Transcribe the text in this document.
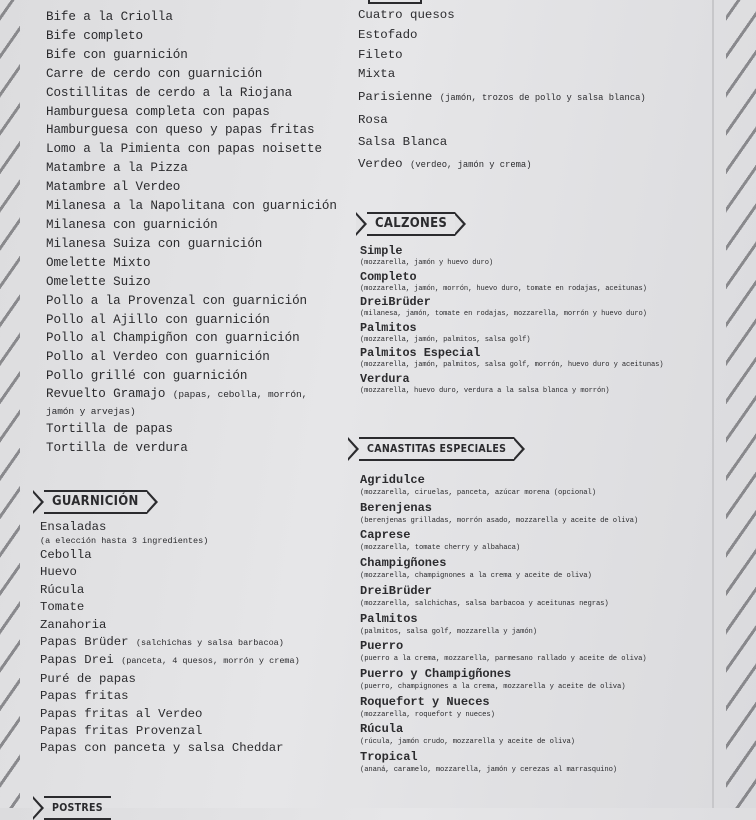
Bife a la Criolla
Bife completo
Bife con guarnición
Carre de cerdo con guarnición
Costillitas de cerdo a la Riojana
Hamburguesa completa con papas
Hamburguesa con queso y papas fritas
Lomo a la Pimienta con papas noisette
Matambre a la Pizza
Matambre al Verdeo
Milanesa a la Napolitana con guarnición
Milanesa con guarnición
Milanesa Suiza con guarnición
Omelette Mixto
Omelette Suizo
Pollo a la Provenzal con guarnición
Pollo al Ajillo con guarnición
Pollo al Champigñon con guarnición
Pollo al Verdeo con guarnición
Pollo grillé con guarnición
Revuelto Gramajo (papas, cebolla, morrón, jamón y arvejas)
Tortilla de papas
Tortilla de verdura
GUARNICIÓN
Ensaladas
(a elección hasta 3 ingredientes)
Cebolla
Huevo
Rúcula
Tomate
Zanahoria
Papas Brüder (salchichas y salsa barbacoa)
Papas Drei (panceta, 4 quesos, morrón y crema)
Puré de papas
Papas fritas
Papas fritas al Verdeo
Papas fritas Provenzal
Papas con panceta y salsa Cheddar
POSTRES
Cuatro quesos
Estofado
Fileto
Mixta
Parisienne (jamón, trozos de pollo y salsa blanca)
Rosa
Salsa Blanca
Verdeo (verdeo, jamón y crema)
CALZONES
Simple
(mozzarella, jamón y huevo duro)
Completo
(mozzarella, jamón, morrón, huevo duro, tomate en rodajas, aceitunas)
DreiBrüder
(milanesa, jamón, tomate en rodajas, mozzarella, morrón y huevo duro)
Palmitos
(mozzarella, jamón, palmitos, salsa golf)
Palmitos Especial
(mozzarella, jamón, palmitos, salsa golf, morrón, huevo duro y aceitunas)
Verdura
(mozzarella, huevo duro, verdura a la salsa blanca y morrón)
CANASTITAS ESPECIALES
Agridulce
(mozzarella, ciruelas, panceta, azúcar morena (opcional)
Berenjenas
(berenjenas grilladas, morrón asado, mozzarella y aceite de oliva)
Caprese
(mozzarella, tomate cherry y albahaca)
Champigñones
(mozzarella, champignones a la crema y aceite de oliva)
DreiBrüder
(mozzarella, salchichas, salsa barbacoa y aceitunas negras)
Palmitos
(palmitos, salsa golf, mozzarella y jamón)
Puerro
(puerro a la crema, mozzarella, parmesano rallado y aceite de oliva)
Puerro y Champigñones
(puerro, champignones a la crema, mozzarella y aceite de oliva)
Roquefort y Nueces
(mozzarella, roquefort y nueces)
Rúcula
(rúcula, jamón crudo, mozzarella y aceite de oliva)
Tropical
(ananá, caramelo, mozzarella, jamón y cerezas al marrasquino)
